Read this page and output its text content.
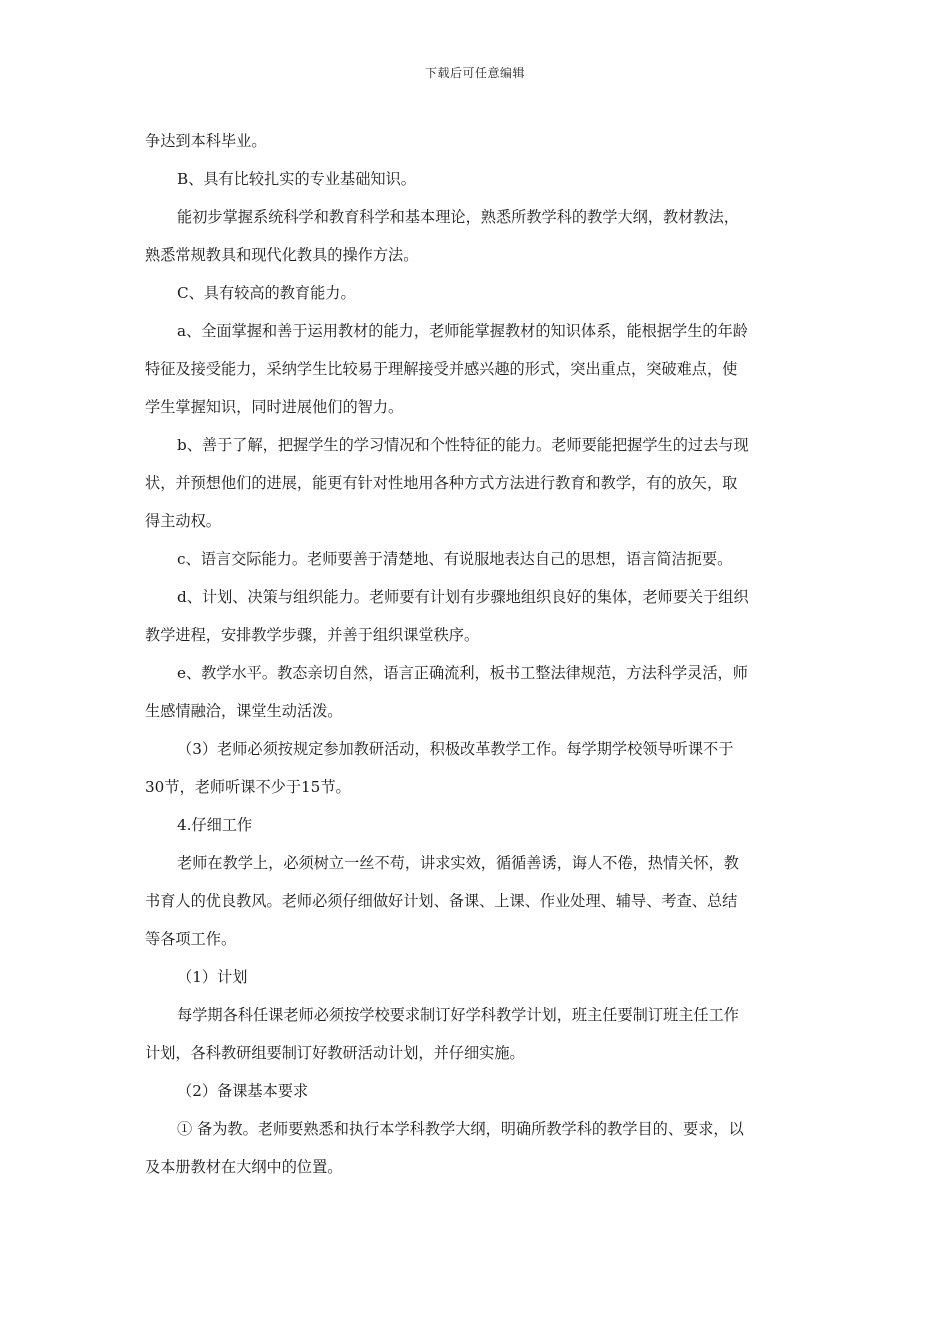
下载后可任意编辑
争达到本科毕业。
B、具有比较扎实的专业基础知识。
能初步掌握系统科学和教育科学和基本理论，熟悉所教学科的教学大纲，教材教法，
熟悉常规教具和现代化教具的操作方法。
C、具有较高的教育能力。
a、全面掌握和善于运用教材的能力，老师能掌握教材的知识体系，能根据学生的年龄
特征及接受能力，采纳学生比较易于理解接受并感兴趣的形式，突出重点，突破难点，使
学生掌握知识，同时进展他们的智力。
b、善于了解，把握学生的学习情况和个性特征的能力。老师要能把握学生的过去与现
状，并预想他们的进展，能更有针对性地用各种方式方法进行教育和教学，有的放矢，取
得主动权。
c、语言交际能力。老师要善于清楚地、有说服地表达自己的思想，语言简洁扼要。
d、计划、决策与组织能力。老师要有计划有步骤地组织良好的集体，老师要关于组织
教学进程，安排教学步骤，并善于组织课堂秩序。
e、教学水平。教态亲切自然，语言正确流利，板书工整法律规范，方法科学灵活，师
生感情融洽，课堂生动活泼。
（3）老师必须按规定参加教研活动，积极改革教学工作。每学期学校领导听课不于
30节，老师听课不少于15节。
4.仔细工作
老师在教学上，必须树立一丝不苟，讲求实效，循循善诱，诲人不倦，热情关怀，教
书育人的优良教风。老师必须仔细做好计划、备课、上课、作业处理、辅导、考查、总结
等各项工作。
（1）计划
每学期各科任课老师必须按学校要求制订好学科教学计划，班主任要制订班主任工作
计划，各科教研组要制订好教研活动计划，并仔细实施。
（2）备课基本要求
① 备为教。老师要熟悉和执行本学科教学大纲，明确所教学科的教学目的、要求，以
及本册教材在大纲中的位置。
